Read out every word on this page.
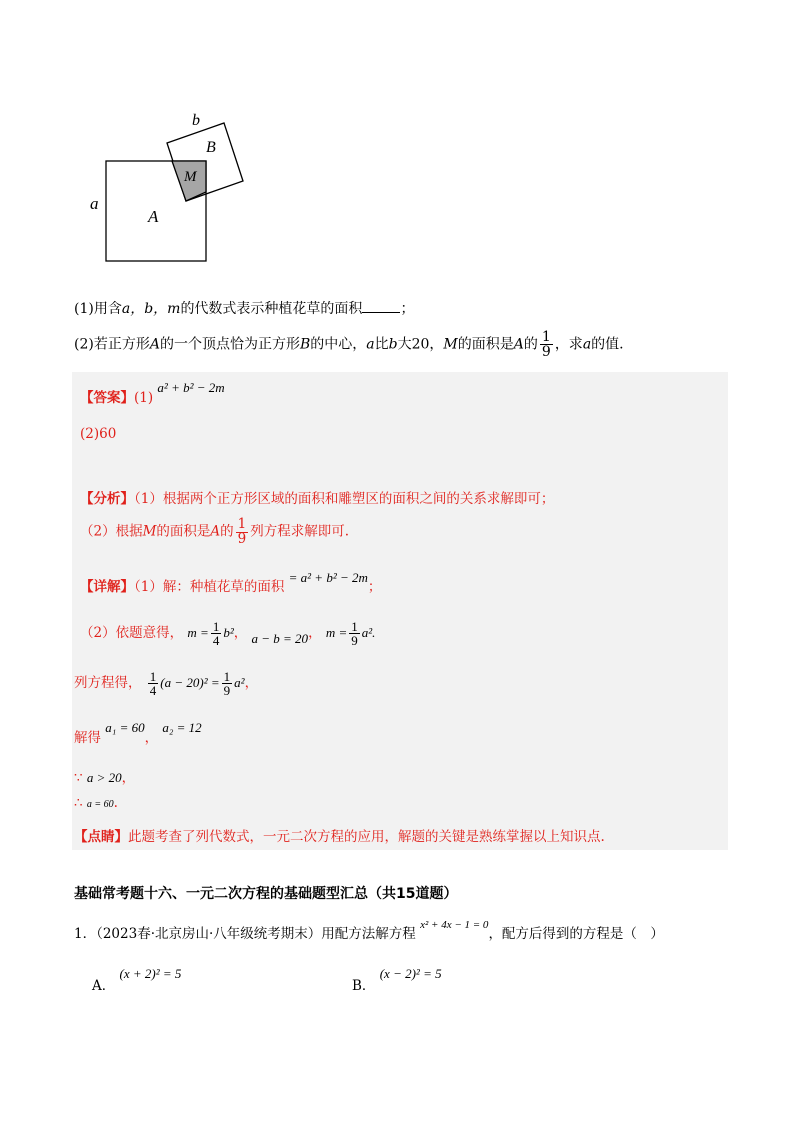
b
B
M
a
A
(1)用含a，b，m的代数式表示种植花草的面积	；
(2)若正方形A的一个顶点恰为正方形B的中心，a比b大20，M的面积是A的 $\frac{1}{9}$ ，求a的值.
【答案】(1) a² + b² − 2m
(2)60
【分析】（1）根据两个正方形区域的面积和雕塑区的面积之间的关系求解即可；
（2）根据M的面积是A的 $\frac{1}{9}$ 列方程求解即可.
【详解】（1）解：种植花草的面积 = a² + b² − 2m；
（2）依题意得， $m = \frac{1}{4} b^2$， a − b = 20， $m = \frac{1}{9} a^2$.
列方程得， $\frac{1}{4} (a - 20)^2 = \frac{1}{9} a^2$，
解得 a₁ = 60， a₂ = 12
∵ a > 20，
∴ a = 60.
【点睛】此题考查了列代数式，一元二次方程的应用，解题的关键是熟练掌握以上知识点.
基础常考题十六、一元二次方程的基础题型汇总（共15道题）
1．（2023春·北京房山·八年级统考期末）用配方法解方程 $^{x^2 + 4x - 1 = 0}$，配方后得到的方程是（　）
A． (x + 2)² = 5
B． (x − 2)² = 5
